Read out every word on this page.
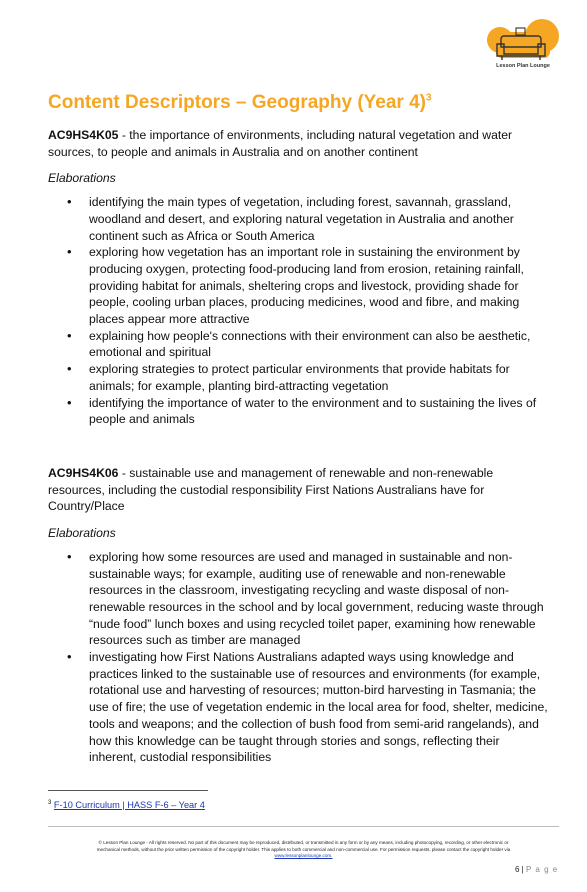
Lesson Plan Lounge
Content Descriptors – Geography (Year 4)$^3$

AC9HS4K05 - the importance of environments, including natural vegetation and water sources, to people and animals in Australia and on another continent

Elaborations

• identifying the main types of vegetation, including forest, savannah, grassland, woodland and desert, and exploring natural vegetation in Australia and another continent such as Africa or South America
• exploring how vegetation has an important role in sustaining the environment by producing oxygen, protecting food-producing land from erosion, retaining rainfall, providing habitat for animals, sheltering crops and livestock, providing shade for people, cooling urban places, producing medicines, wood and fibre, and making places appear more attractive
• explaining how people's connections with their environment can also be aesthetic, emotional and spiritual
• exploring strategies to protect particular environments that provide habitats for animals; for example, planting bird-attracting vegetation
• identifying the importance of water to the environment and to sustaining the lives of people and animals

AC9HS4K06 - sustainable use and management of renewable and non-renewable resources, including the custodial responsibility First Nations Australians have for Country/Place

Elaborations

• exploring how some resources are used and managed in sustainable and non-sustainable ways; for example, auditing use of renewable and non-renewable resources in the classroom, investigating recycling and waste disposal of non-renewable resources in the school and by local government, reducing waste through “nude food” lunch boxes and using recycled toilet paper, examining how renewable resources such as timber are managed
• investigating how First Nations Australians adapted ways using knowledge and practices linked to the sustainable use of resources and environments (for example, rotational use and harvesting of resources; mutton-bird harvesting in Tasmania; the use of fire; the use of vegetation endemic in the local area for food, shelter, medicine, tools and weapons; and the collection of bush food from semi-arid rangelands), and how this knowledge can be taught through stories and songs, reflecting their inherent, custodial responsibilities
$^3$ F-10 Curriculum | HASS F-6 – Year 4
© Lesson Plan Lounge - All rights reserved. No part of this document may be reproduced, distributed, or transmitted in any form or by any means, including photocopying, recording, or other electronic or
mechanical methods, without the prior written permission of the copyright holder. This applies to both commercial and non-commercial use. For permission requests, please contact the copyright holder via
www.lessonplanlounge.com.
6 | P a g e
